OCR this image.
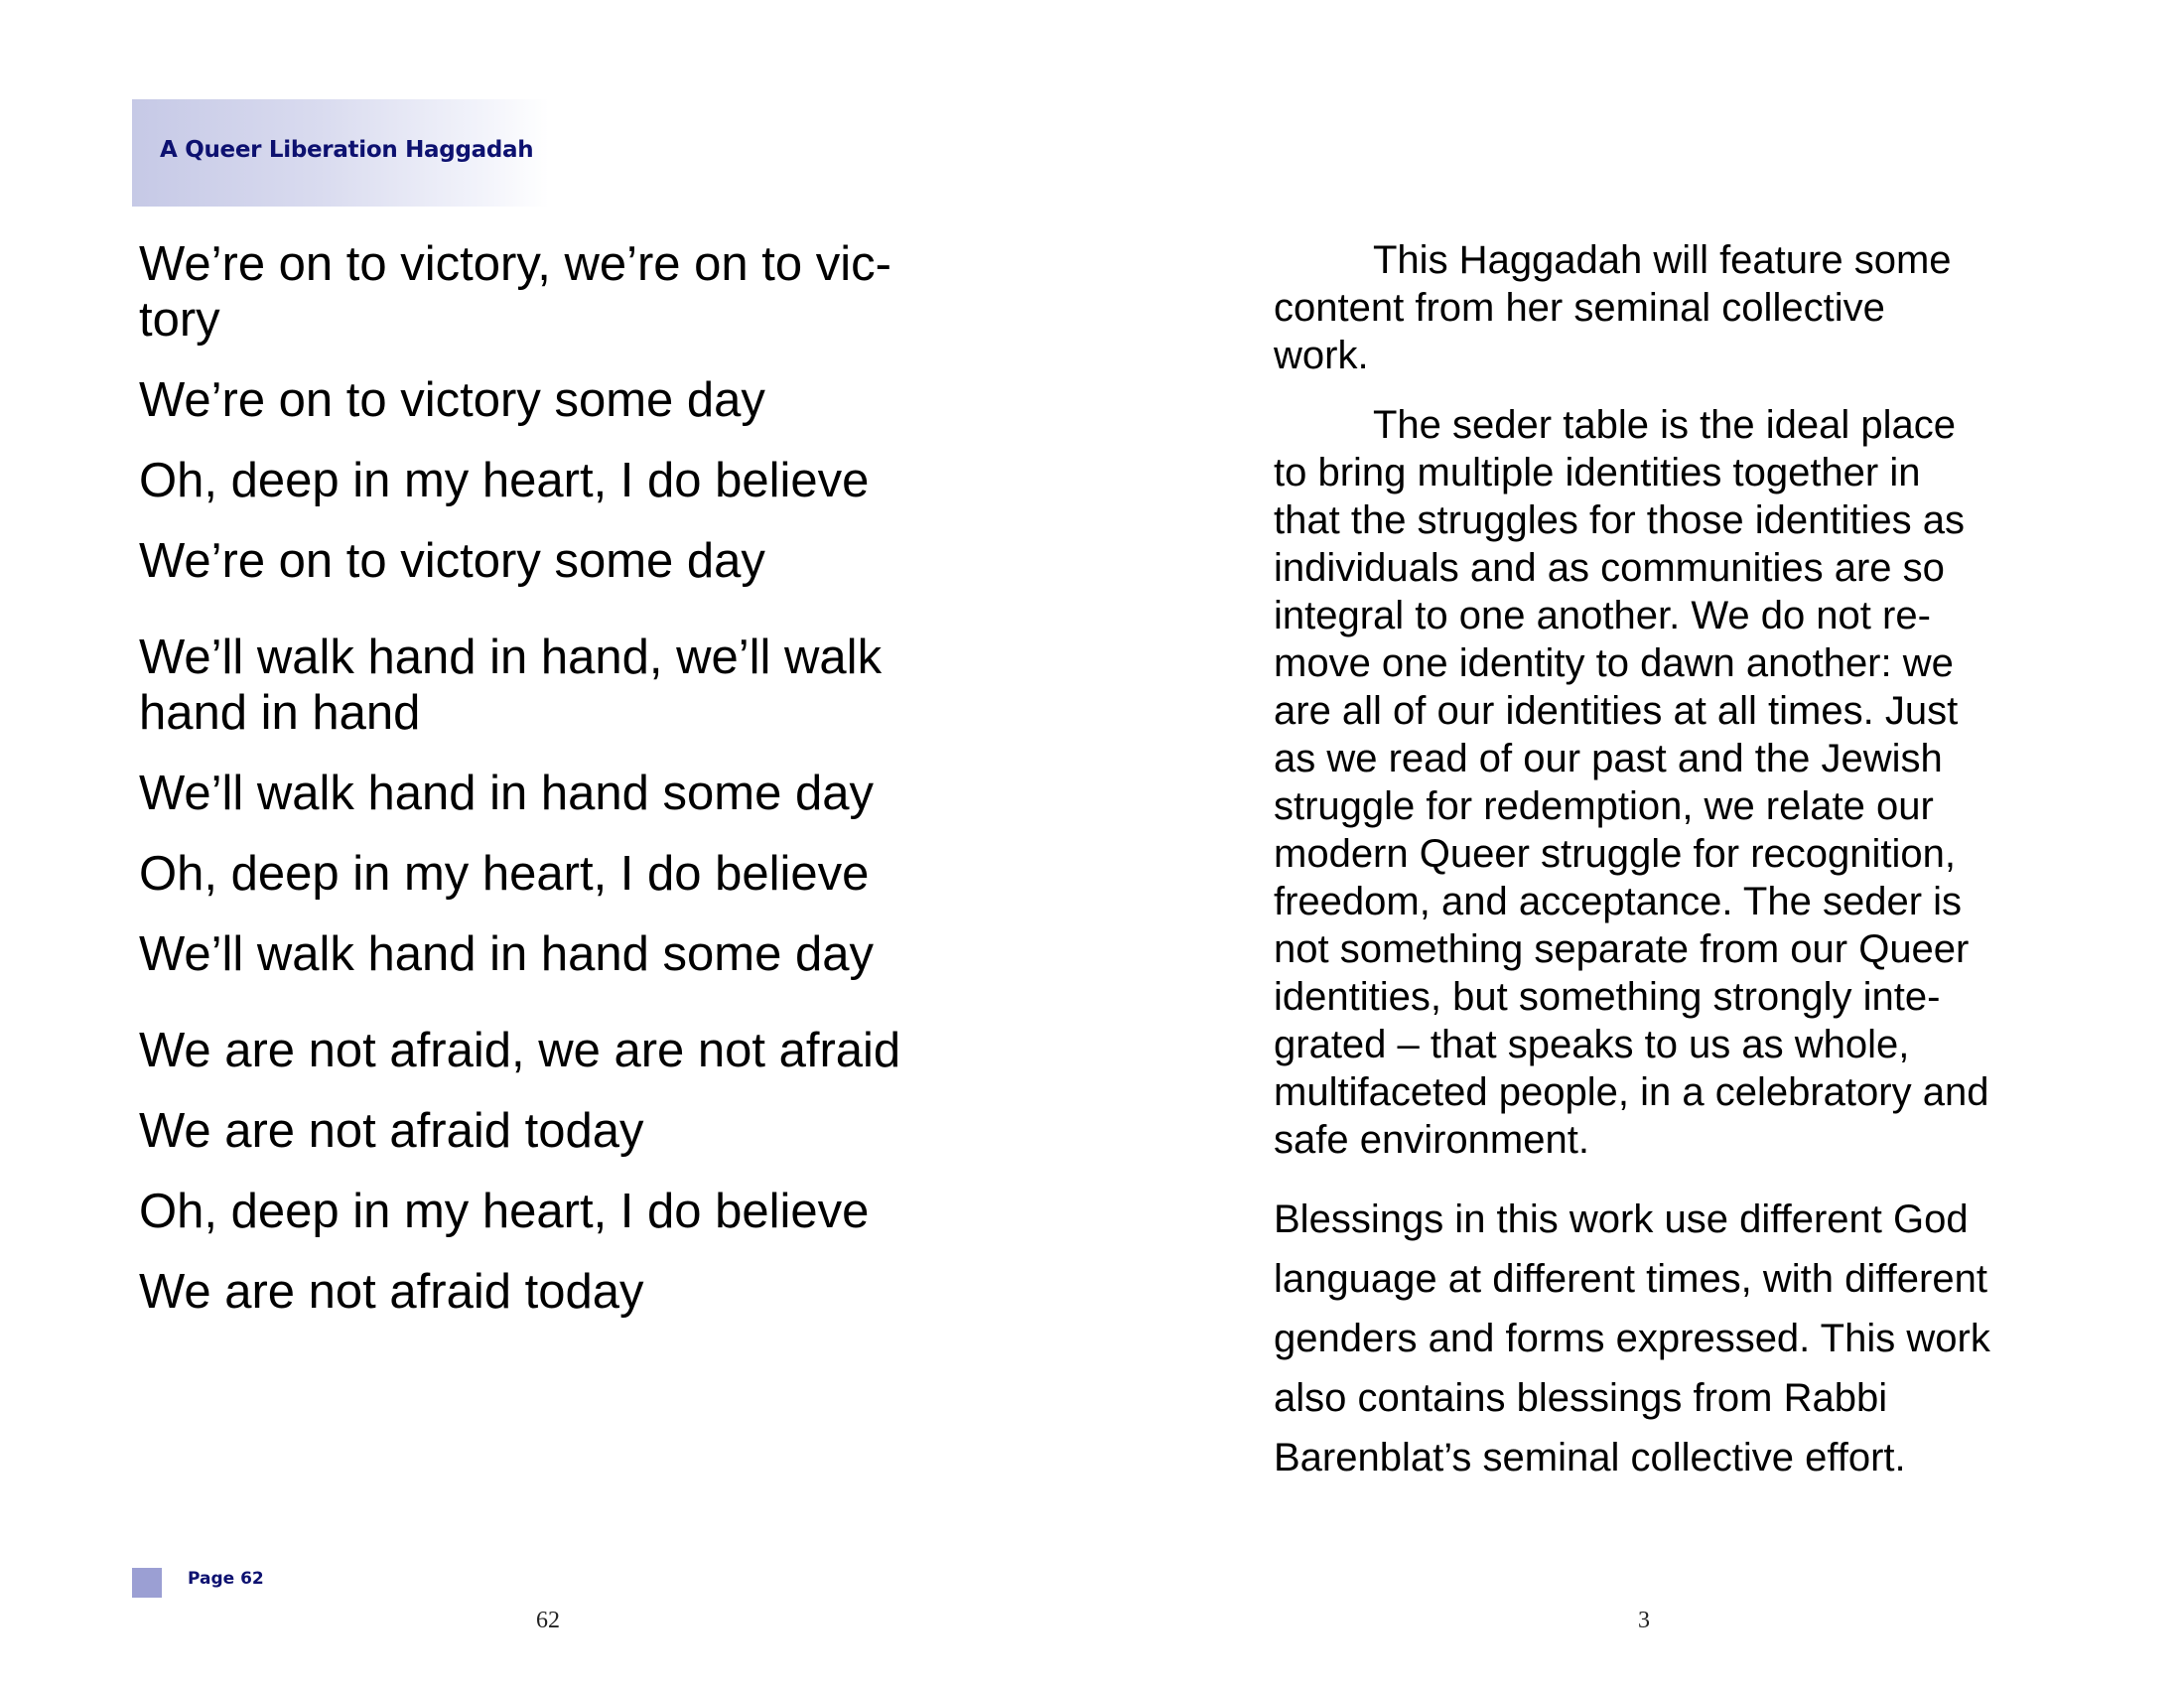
A Queer Liberation Haggadah
We’re on to victory, we’re on to vic-
tory
We’re on to victory some day
Oh, deep in my heart, I do believe
We’re on to victory some day
We’ll walk hand in hand, we’ll walk
hand in hand
We’ll walk hand in hand some day
Oh, deep in my heart, I do believe
We’ll walk hand in hand some day
We are not afraid, we are not afraid
We are not afraid today
Oh, deep in my heart, I do believe
We are not afraid today
Page 62
62

This Haggadah will feature some
content from her seminal collective
work.

The seder table is the ideal place
to bring multiple identities together in
that the struggles for those identities as
individuals and as communities are so
integral to one another. We do not re-
move one identity to dawn another: we
are all of our identities at all times. Just
as we read of our past and the Jewish
struggle for redemption, we relate our
modern Queer struggle for recognition,
freedom, and acceptance. The seder is
not something separate from our Queer
identities, but something strongly inte-
grated – that speaks to us as whole,
multifaceted people, in a celebratory and
safe environment.

Blessings in this work use different God
language at different times, with different
genders and forms expressed. This work
also contains blessings from Rabbi
Barenblat’s seminal collective effort.

3
